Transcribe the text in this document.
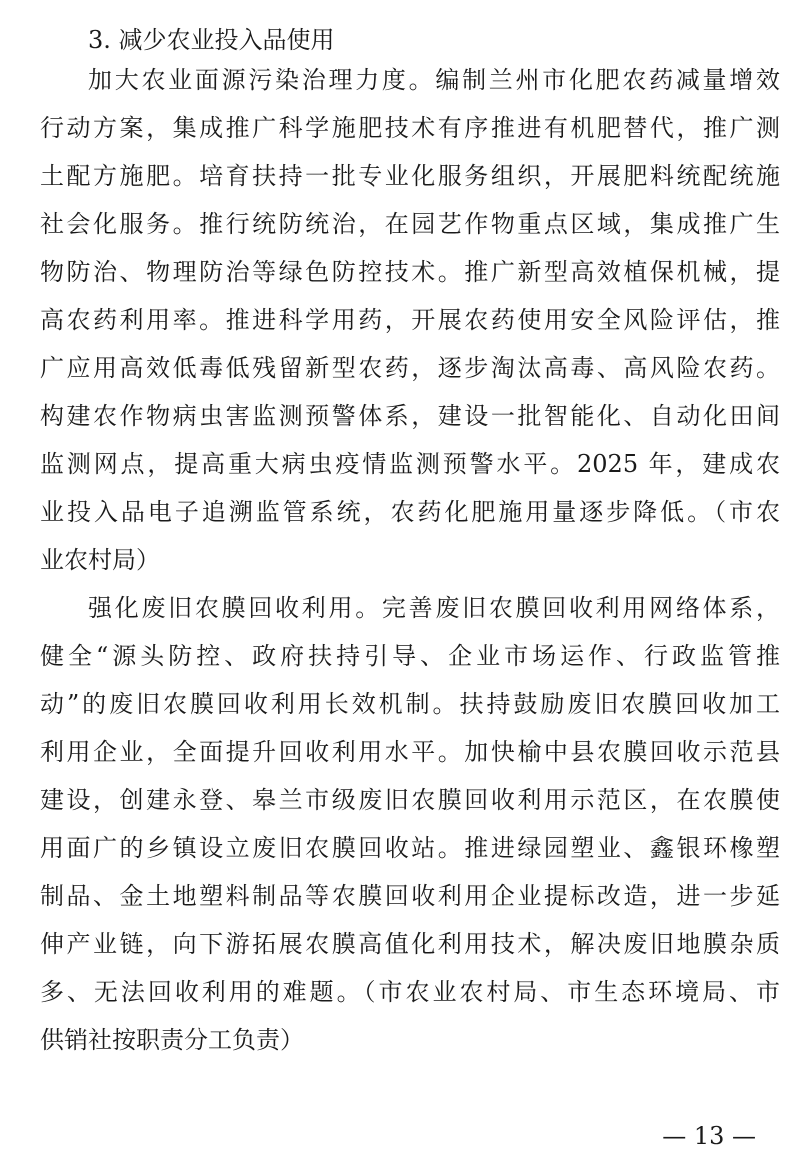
3. 减少农业投入品使用
加大农业面源污染治理力度。编制兰州市化肥农药减量增效
行动方案，集成推广科学施肥技术有序推进有机肥替代，推广测
土配方施肥。培育扶持一批专业化服务组织，开展肥料统配统施
社会化服务。推行统防统治，在园艺作物重点区域，集成推广生
物防治、物理防治等绿色防控技术。推广新型高效植保机械，提
高农药利用率。推进科学用药，开展农药使用安全风险评估，推
广应用高效低毒低残留新型农药，逐步淘汰高毒、高风险农药。
构建农作物病虫害监测预警体系，建设一批智能化、自动化田间
监测网点，提高重大病虫疫情监测预警水平。2025 年，建成农
业投入品电子追溯监管系统，农药化肥施用量逐步降低。（市农
业农村局）
强化废旧农膜回收利用。完善废旧农膜回收利用网络体系，
健全“源头防控、政府扶持引导、企业市场运作、行政监管推
动”的废旧农膜回收利用长效机制。扶持鼓励废旧农膜回收加工
利用企业，全面提升回收利用水平。加快榆中县农膜回收示范县
建设，创建永登、皋兰市级废旧农膜回收利用示范区，在农膜使
用面广的乡镇设立废旧农膜回收站。推进绿园塑业、鑫银环橡塑
制品、金土地塑料制品等农膜回收利用企业提标改造，进一步延
伸产业链，向下游拓展农膜高值化利用技术，解决废旧地膜杂质
多、无法回收利用的难题。（市农业农村局、市生态环境局、市
供销社按职责分工负责）
— 13 —
